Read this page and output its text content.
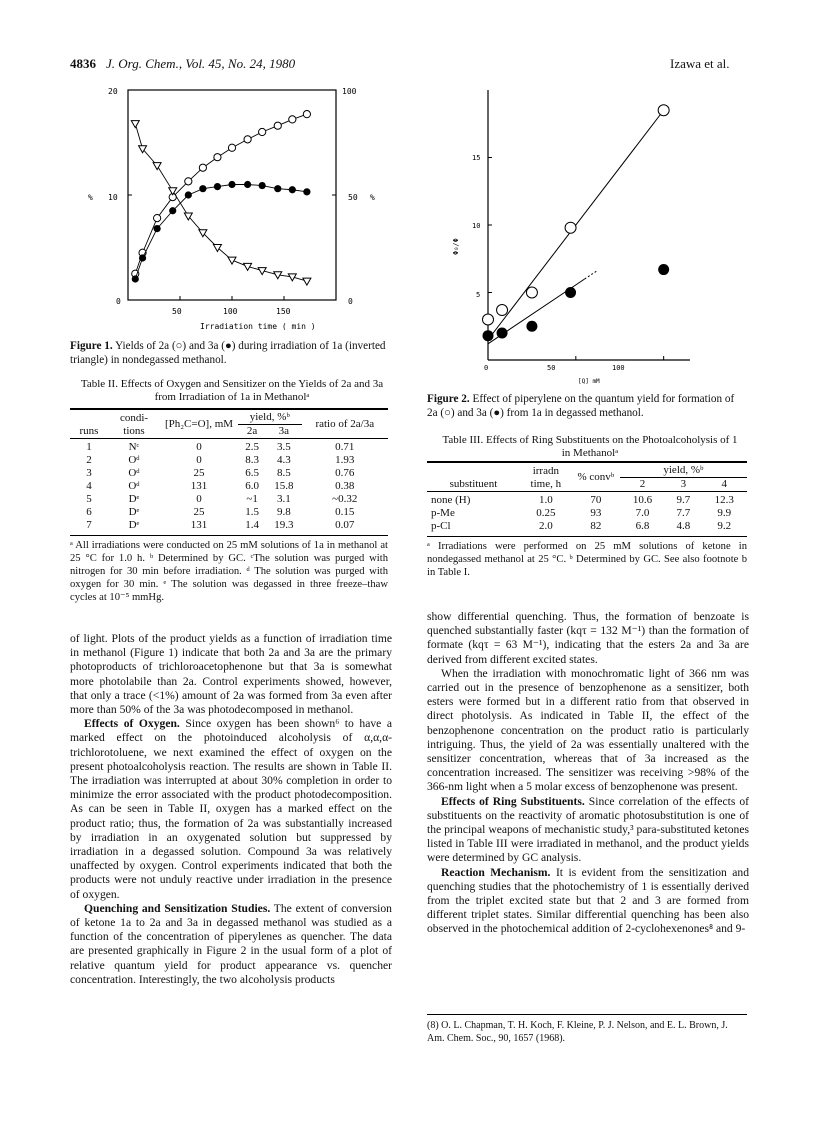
4836 J. Org. Chem., Vol. 45, No. 24, 1980	Izawa et al.
20
10
0
%
100
50
0
%
50	100	150
Irradiation time ( min )
Figure 1. Yields of 2a (○) and 3a (●) during irradiation of 1a (inverted triangle) in nondegassed methanol.
Table II. Effects of Oxygen and Sensitizer on the Yields of 2a and 3a from Irradiation of 1a in Methanolᵃ
runs	condi- tions	[Ph₂C=O], mM	yield, %ᵇ		ratio of 2a/3a
			2a	3a	

1	Nᶜ	0	2.5	3.5	0.71
2	Oᵈ	0	8.3	4.3	1.93
3	Oᵈ	25	6.5	8.5	0.76
4	Oᵈ	131	6.0	15.8	0.38
5	Dᵉ	0	~1	3.1	~0.32
6	Dᵉ	25	1.5	9.8	0.15
7	Dᵉ	131	1.4	19.3	0.07
ᵃ All irradiations were conducted on 25 mM solutions of 1a in methanol at 25 °C for 1.0 h. ᵇ Determined by GC. ᶜThe solution was purged with nitrogen for 30 min before irradiation. ᵈ The solution was purged with oxygen for 30 min. ᵉ The solution was degassed in three freeze–thaw cycles at 10⁻⁵ mmHg.

of light. Plots of the product yields as a function of irradiation time in methanol (Figure 1) indicate that both 2a and 3a are the primary photoproducts of trichloroacetophenone but that 3a is somewhat more photolabile than 2a. Control experiments showed, however, that only a trace (<1%) amount of 2a was formed from 3a even after more than 50% of the 3a was photodecomposed in methanol.

Effects of Oxygen. Since oxygen has been shown⁶ to have a marked effect on the photoinduced alcoholysis of α,α,α-trichlorotoluene, we next examined the effect of oxygen on the present photoalcoholysis reaction. The results are shown in Table II. The irradiation was interrupted at about 30% completion in order to minimize the error associated with the product photodecomposition. As can be seen in Table II, oxygen has a marked effect on the product ratio; thus, the formation of 2a was substantially increased by irradiation in an oxygenated solution but suppressed by irradiation in a degassed solution. Compound 3a was relatively unaffected by oxygen. Control experiments indicated that both the products were not unduly reactive under irradiation in the presence of oxygen.

Quenching and Sensitization Studies. The extent of conversion of ketone 1a to 2a and 3a in degassed methanol was studied as a function of the concentration of piperylenes as quencher. The data are presented graphically in Figure 2 in the usual form of a plot of relative quantum yield for product appearance vs. quencher concentration. Interestingly, the two alcoholysis products

15
10
5
Φ₀/Φ
0	50	100
[Q] mM
Figure 2. Effect of piperylene on the quantum yield for formation of 2a (○) and 3a (●) from 1a in degassed methanol.
Table III. Effects of Ring Substituents on the Photoalcoholysis of 1 in Methanolᵃ
substituent	irradn time, h	% convᵇ	yield, %ᵇ		
			2	3	4

none (H)	1.0	70	10.6	9.7	12.3
p-Me	0.25	93	7.0	7.7	9.9
p-Cl	2.0	82	6.8	4.8	9.2
ᵃ Irradiations were performed on 25 mM solutions of ketone in nondegassed methanol at 25 °C. ᵇ Determined by GC. See also footnote b in Table I.

show differential quenching. Thus, the formation of benzoate is quenched substantially faster (kqτ = 132 M⁻¹) than the formation of formate (kqτ = 63 M⁻¹), indicating that the esters 2a and 3a are derived from different excited states.

When the irradiation with monochromatic light of 366 nm was carried out in the presence of benzophenone as a sensitizer, both esters were formed but in a different ratio from that observed in direct photolysis. As indicated in Table II, the effect of the benzophenone concentration on the product ratio is particularly intriguing. Thus, the yield of 2a was essentially unaltered with the sensitizer concentration, whereas that of 3a increased as the concentration increased. The sensitizer was receiving >98% of the 366-nm light when a 5 molar excess of benzophenone was present.

Effects of Ring Substituents. Since correlation of the effects of substituents on the reactivity of aromatic photosubstitution is one of the principal weapons of mechanistic study,³ para-substituted ketones listed in Table III were irradiated in methanol, and the product yields were determined by GC analysis.

Reaction Mechanism. It is evident from the sensitization and quenching studies that the photochemistry of 1 is essentially derived from the triplet excited state but that 2 and 3 are formed from different triplet states. Similar differential quenching has been also observed in the photochemical addition of 2-cyclohexenones⁸ and 9-

(8) O. L. Chapman, T. H. Koch, F. Kleine, P. J. Nelson, and E. L. Brown, J. Am. Chem. Soc., 90, 1657 (1968).
